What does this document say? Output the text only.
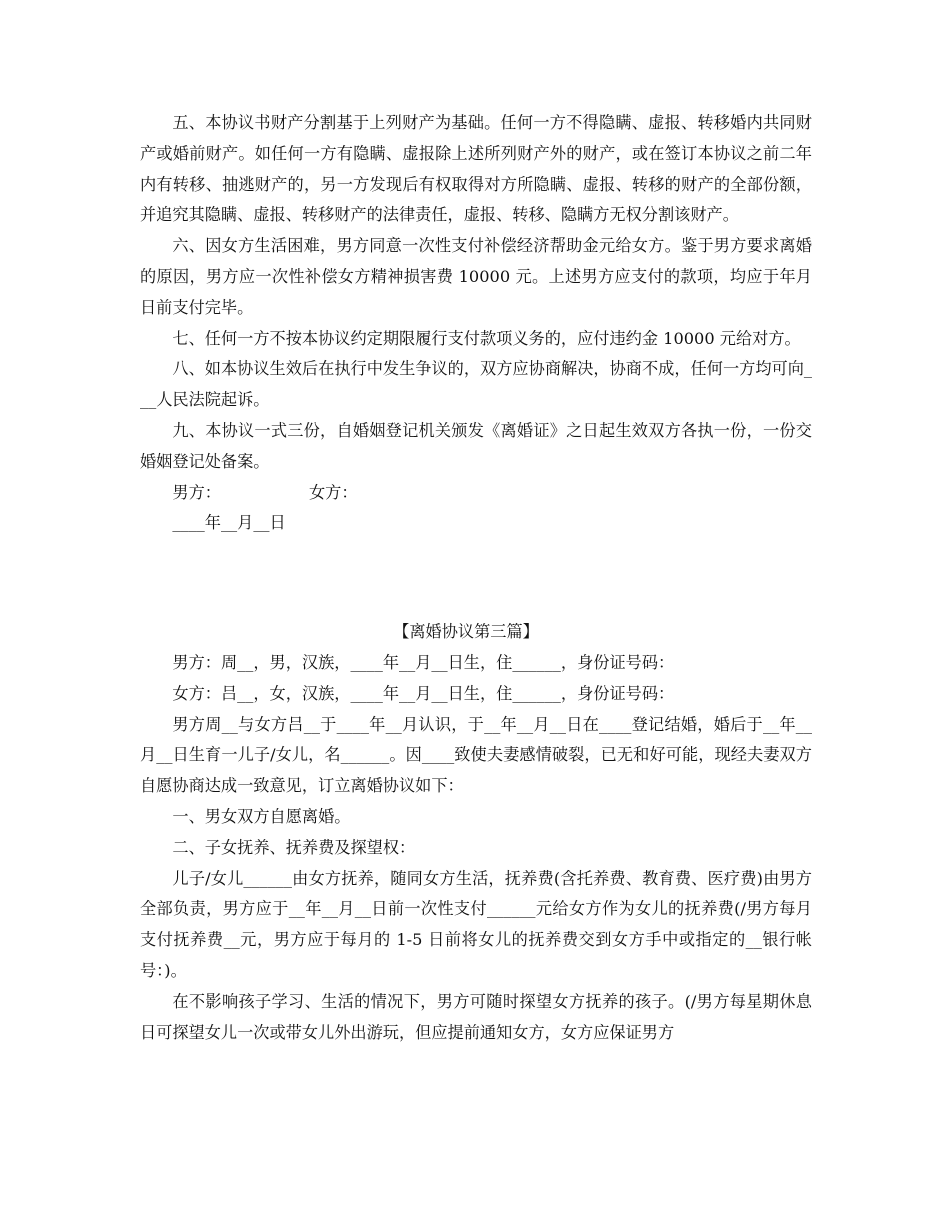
五、本协议书财产分割基于上列财产为基础。任何一方不得隐瞒、虚报、转移婚内共同财产或婚前财产。如任何一方有隐瞒、虚报除上述所列财产外的财产，或在签订本协议之前二年内有转移、抽逃财产的，另一方发现后有权取得对方所隐瞒、虚报、转移的财产的全部份额，并追究其隐瞒、虚报、转移财产的法律责任，虚报、转移、隐瞒方无权分割该财产。

六、因女方生活困难，男方同意一次性支付补偿经济帮助金元给女方。鉴于男方要求离婚的原因，男方应一次性补偿女方精神损害费 10000 元。上述男方应支付的款项，均应于年月日前支付完毕。

七、任何一方不按本协议约定期限履行支付款项义务的，应付违约金 10000 元给对方。

八、如本协议生效后在执行中发生争议的，双方应协商解决，协商不成，任何一方均可向___人民法院起诉。

九、本协议一式三份，自婚姻登记机关颁发《离婚证》之日起生效双方各执一份，一份交婚姻登记处备案。

男方：	女方：

____年__月__日

【离婚协议第三篇】

男方：周__，男，汉族，____年__月__日生，住______，身份证号码：

女方：吕__，女，汉族，____年__月__日生，住______，身份证号码：

男方周__与女方吕__于____年__月认识，于__年__月__日在____登记结婚，婚后于__年__月__日生育一儿子/女儿，名______。因____致使夫妻感情破裂，已无和好可能，现经夫妻双方自愿协商达成一致意见，订立离婚协议如下：

一、男女双方自愿离婚。

二、子女抚养、抚养费及探望权：

儿子/女儿______由女方抚养，随同女方生活，抚养费(含托养费、教育费、医疗费)由男方全部负责，男方应于__年__月__日前一次性支付______元给女方作为女儿的抚养费(/男方每月支付抚养费__元，男方应于每月的 1-5 日前将女儿的抚养费交到女方手中或指定的__银行帐号：)。

在不影响孩子学习、生活的情况下，男方可随时探望女方抚养的孩子。(/男方每星期休息日可探望女儿一次或带女儿外出游玩，但应提前通知女方，女方应保证男方
